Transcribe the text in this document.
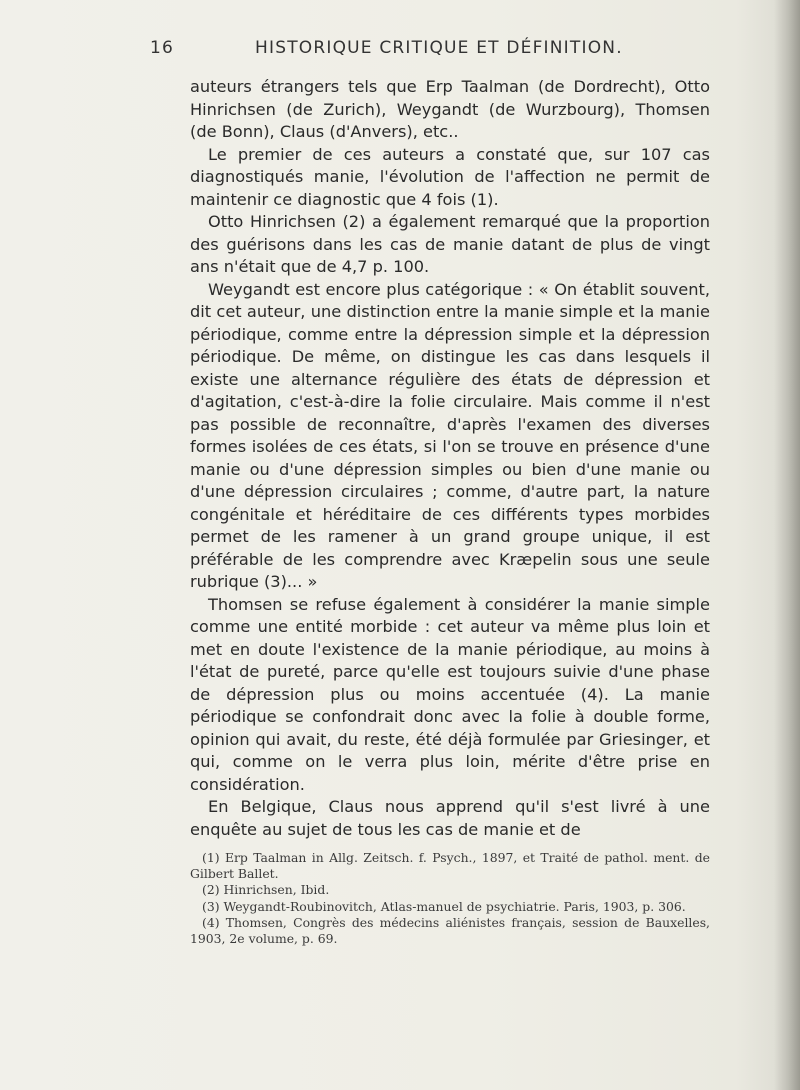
16	HISTORIQUE CRITIQUE ET DÉFINITION.

auteurs étrangers tels que Erp Taalman (de Dordrecht), Otto Hinrichsen (de Zurich), Weygandt (de Wurzbourg), Thomsen (de Bonn), Claus (d'Anvers), etc..

Le premier de ces auteurs a constaté que, sur 107 cas diagnostiqués manie, l'évolution de l'affection ne permit de maintenir ce diagnostic que 4 fois (1).

Otto Hinrichsen (2) a également remarqué que la proportion des guérisons dans les cas de manie datant de plus de vingt ans n'était que de 4,7 p. 100.

Weygandt est encore plus catégorique : « On établit souvent, dit cet auteur, une distinction entre la manie simple et la manie périodique, comme entre la dépression simple et la dépression périodique. De même, on distingue les cas dans lesquels il existe une alternance régulière des états de dépression et d'agitation, c'est-à-dire la folie circulaire. Mais comme il n'est pas possible de reconnaître, d'après l'examen des diverses formes isolées de ces états, si l'on se trouve en présence d'une manie ou d'une dépression simples ou bien d'une manie ou d'une dépression circulaires ; comme, d'autre part, la nature congénitale et héréditaire de ces différents types morbides permet de les ramener à un grand groupe unique, il est préférable de les comprendre avec Kræpelin sous une seule rubrique (3)... »

Thomsen se refuse également à considérer la manie simple comme une entité morbide : cet auteur va même plus loin et met en doute l'existence de la manie périodique, au moins à l'état de pureté, parce qu'elle est toujours suivie d'une phase de dépression plus ou moins accentuée (4). La manie périodique se confondrait donc avec la folie à double forme, opinion qui avait, du reste, été déjà formulée par Griesinger, et qui, comme on le verra plus loin, mérite d'être prise en considération.

En Belgique, Claus nous apprend qu'il s'est livré à une enquête au sujet de tous les cas de manie et de

(1) Erp Taalman in Allg. Zeitsch. f. Psych., 1897, et Traité de pathol. ment. de Gilbert Ballet.

(2) Hinrichsen, Ibid.

(3) Weygandt-Roubinovitch, Atlas-manuel de psychiatrie. Paris, 1903, p. 306.

(4) Thomsen, Congrès des médecins aliénistes français, session de Bauxelles, 1903, 2e volume, p. 69.
